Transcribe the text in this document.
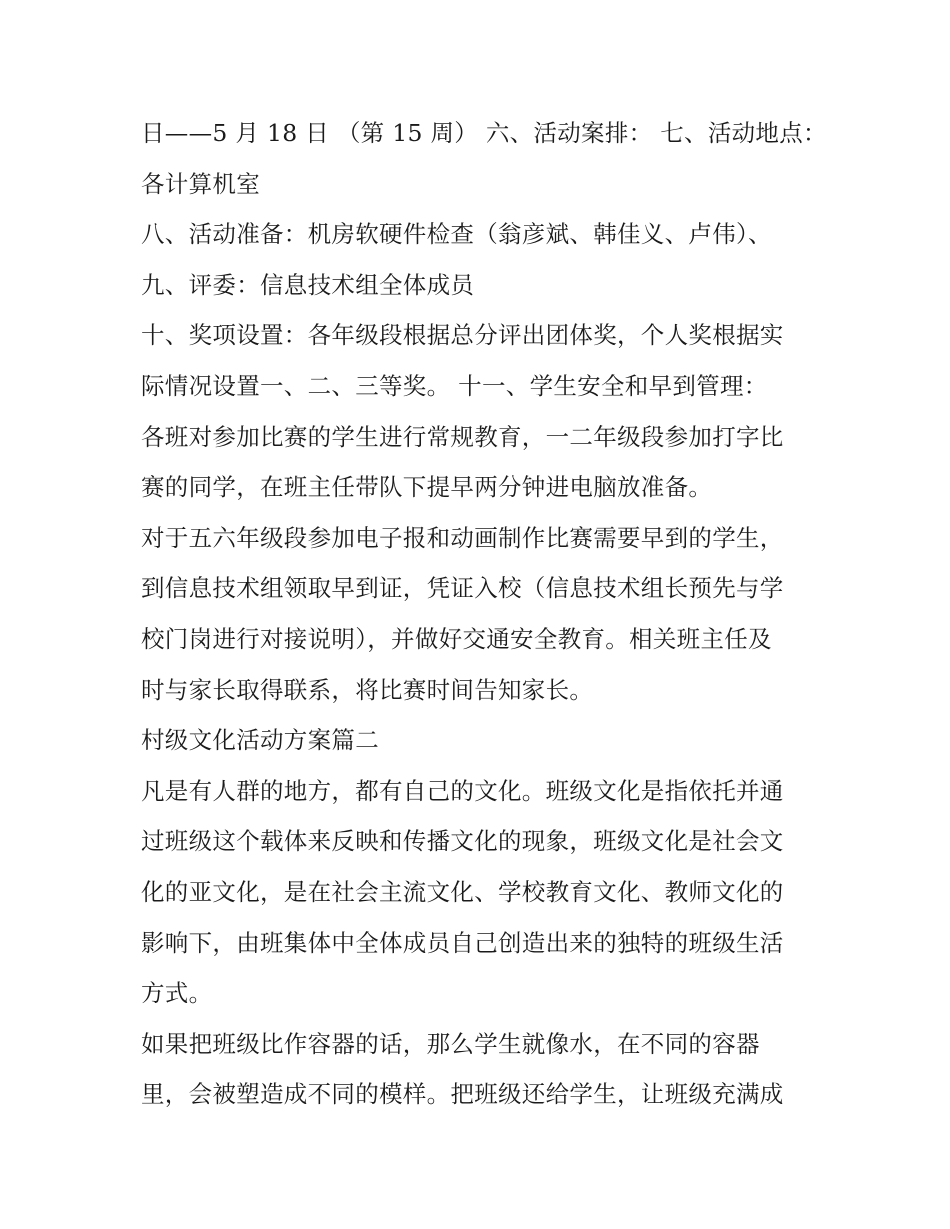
日——5 月 18 日 （第 15 周） 六、活动案排： 七、活动地点：
各计算机室
八、活动准备：机房软硬件检查（翁彦斌、韩佳义、卢伟）、
九、评委：信息技术组全体成员
十、奖项设置：各年级段根据总分评出团体奖，个人奖根据实
际情况设置一、二、三等奖。 十一、学生安全和早到管理：
各班对参加比赛的学生进行常规教育，一二年级段参加打字比
赛的同学，在班主任带队下提早两分钟进电脑放准备。
对于五六年级段参加电子报和动画制作比赛需要早到的学生，
到信息技术组领取早到证，凭证入校（信息技术组长预先与学
校门岗进行对接说明），并做好交通安全教育。相关班主任及
时与家长取得联系，将比赛时间告知家长。
村级文化活动方案篇二
凡是有人群的地方，都有自己的文化。班级文化是指依托并通
过班级这个载体来反映和传播文化的现象，班级文化是社会文
化的亚文化，是在社会主流文化、学校教育文化、教师文化的
影响下，由班集体中全体成员自己创造出来的独特的班级生活
方式。
如果把班级比作容器的话，那么学生就像水，在不同的容器
里，会被塑造成不同的模样。把班级还给学生，让班级充满成
